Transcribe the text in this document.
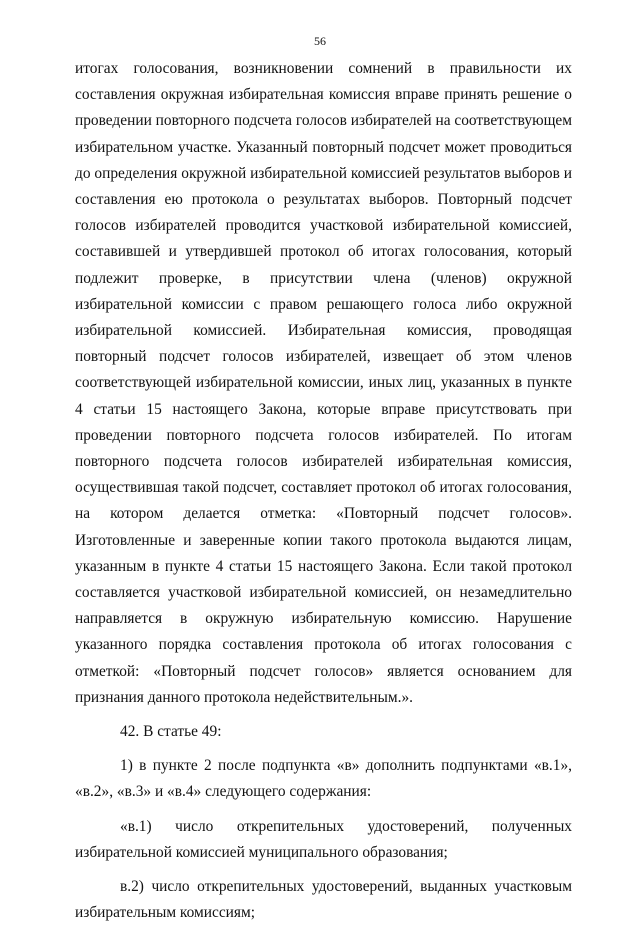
56

итогах голосования, возникновении сомнений в правильности их составления окружная избирательная комиссия вправе принять решение о проведении повторного подсчета голосов избирателей на соответствующем избирательном участке. Указанный повторный подсчет может проводиться до определения окружной избирательной комиссией результатов выборов и составления ею протокола о результатах выборов. Повторный подсчет голосов избирателей проводится участковой избирательной комиссией, составившей и утвердившей протокол об итогах голосования, который подлежит проверке, в присутствии члена (членов) окружной избирательной комиссии с правом решающего голоса либо окружной избирательной комиссией. Избирательная комиссия, проводящая повторный подсчет голосов избирателей, извещает об этом членов соответствующей избирательной комиссии, иных лиц, указанных в пункте 4 статьи 15 настоящего Закона, которые вправе присутствовать при проведении повторного подсчета голосов избирателей. По итогам повторного подсчета голосов избирателей избирательная комиссия, осуществившая такой подсчет, составляет протокол об итогах голосования, на котором делается отметка: «Повторный подсчет голосов». Изготовленные и заверенные копии такого протокола выдаются лицам, указанным в пункте 4 статьи 15 настоящего Закона. Если такой протокол составляется участковой избирательной комиссией, он незамедлительно направляется в окружную избирательную комиссию. Нарушение указанного порядка составления протокола об итогах голосования с отметкой: «Повторный подсчет голосов» является основанием для признания данного протокола недействительным.».

42. В статье 49:

1) в пункте 2 после подпункта «в» дополнить подпунктами «в.1», «в.2», «в.3» и «в.4» следующего содержания:

«в.1) число открепительных удостоверений, полученных избирательной комиссией муниципального образования;

в.2) число открепительных удостоверений, выданных участковым избирательным комиссиям;
